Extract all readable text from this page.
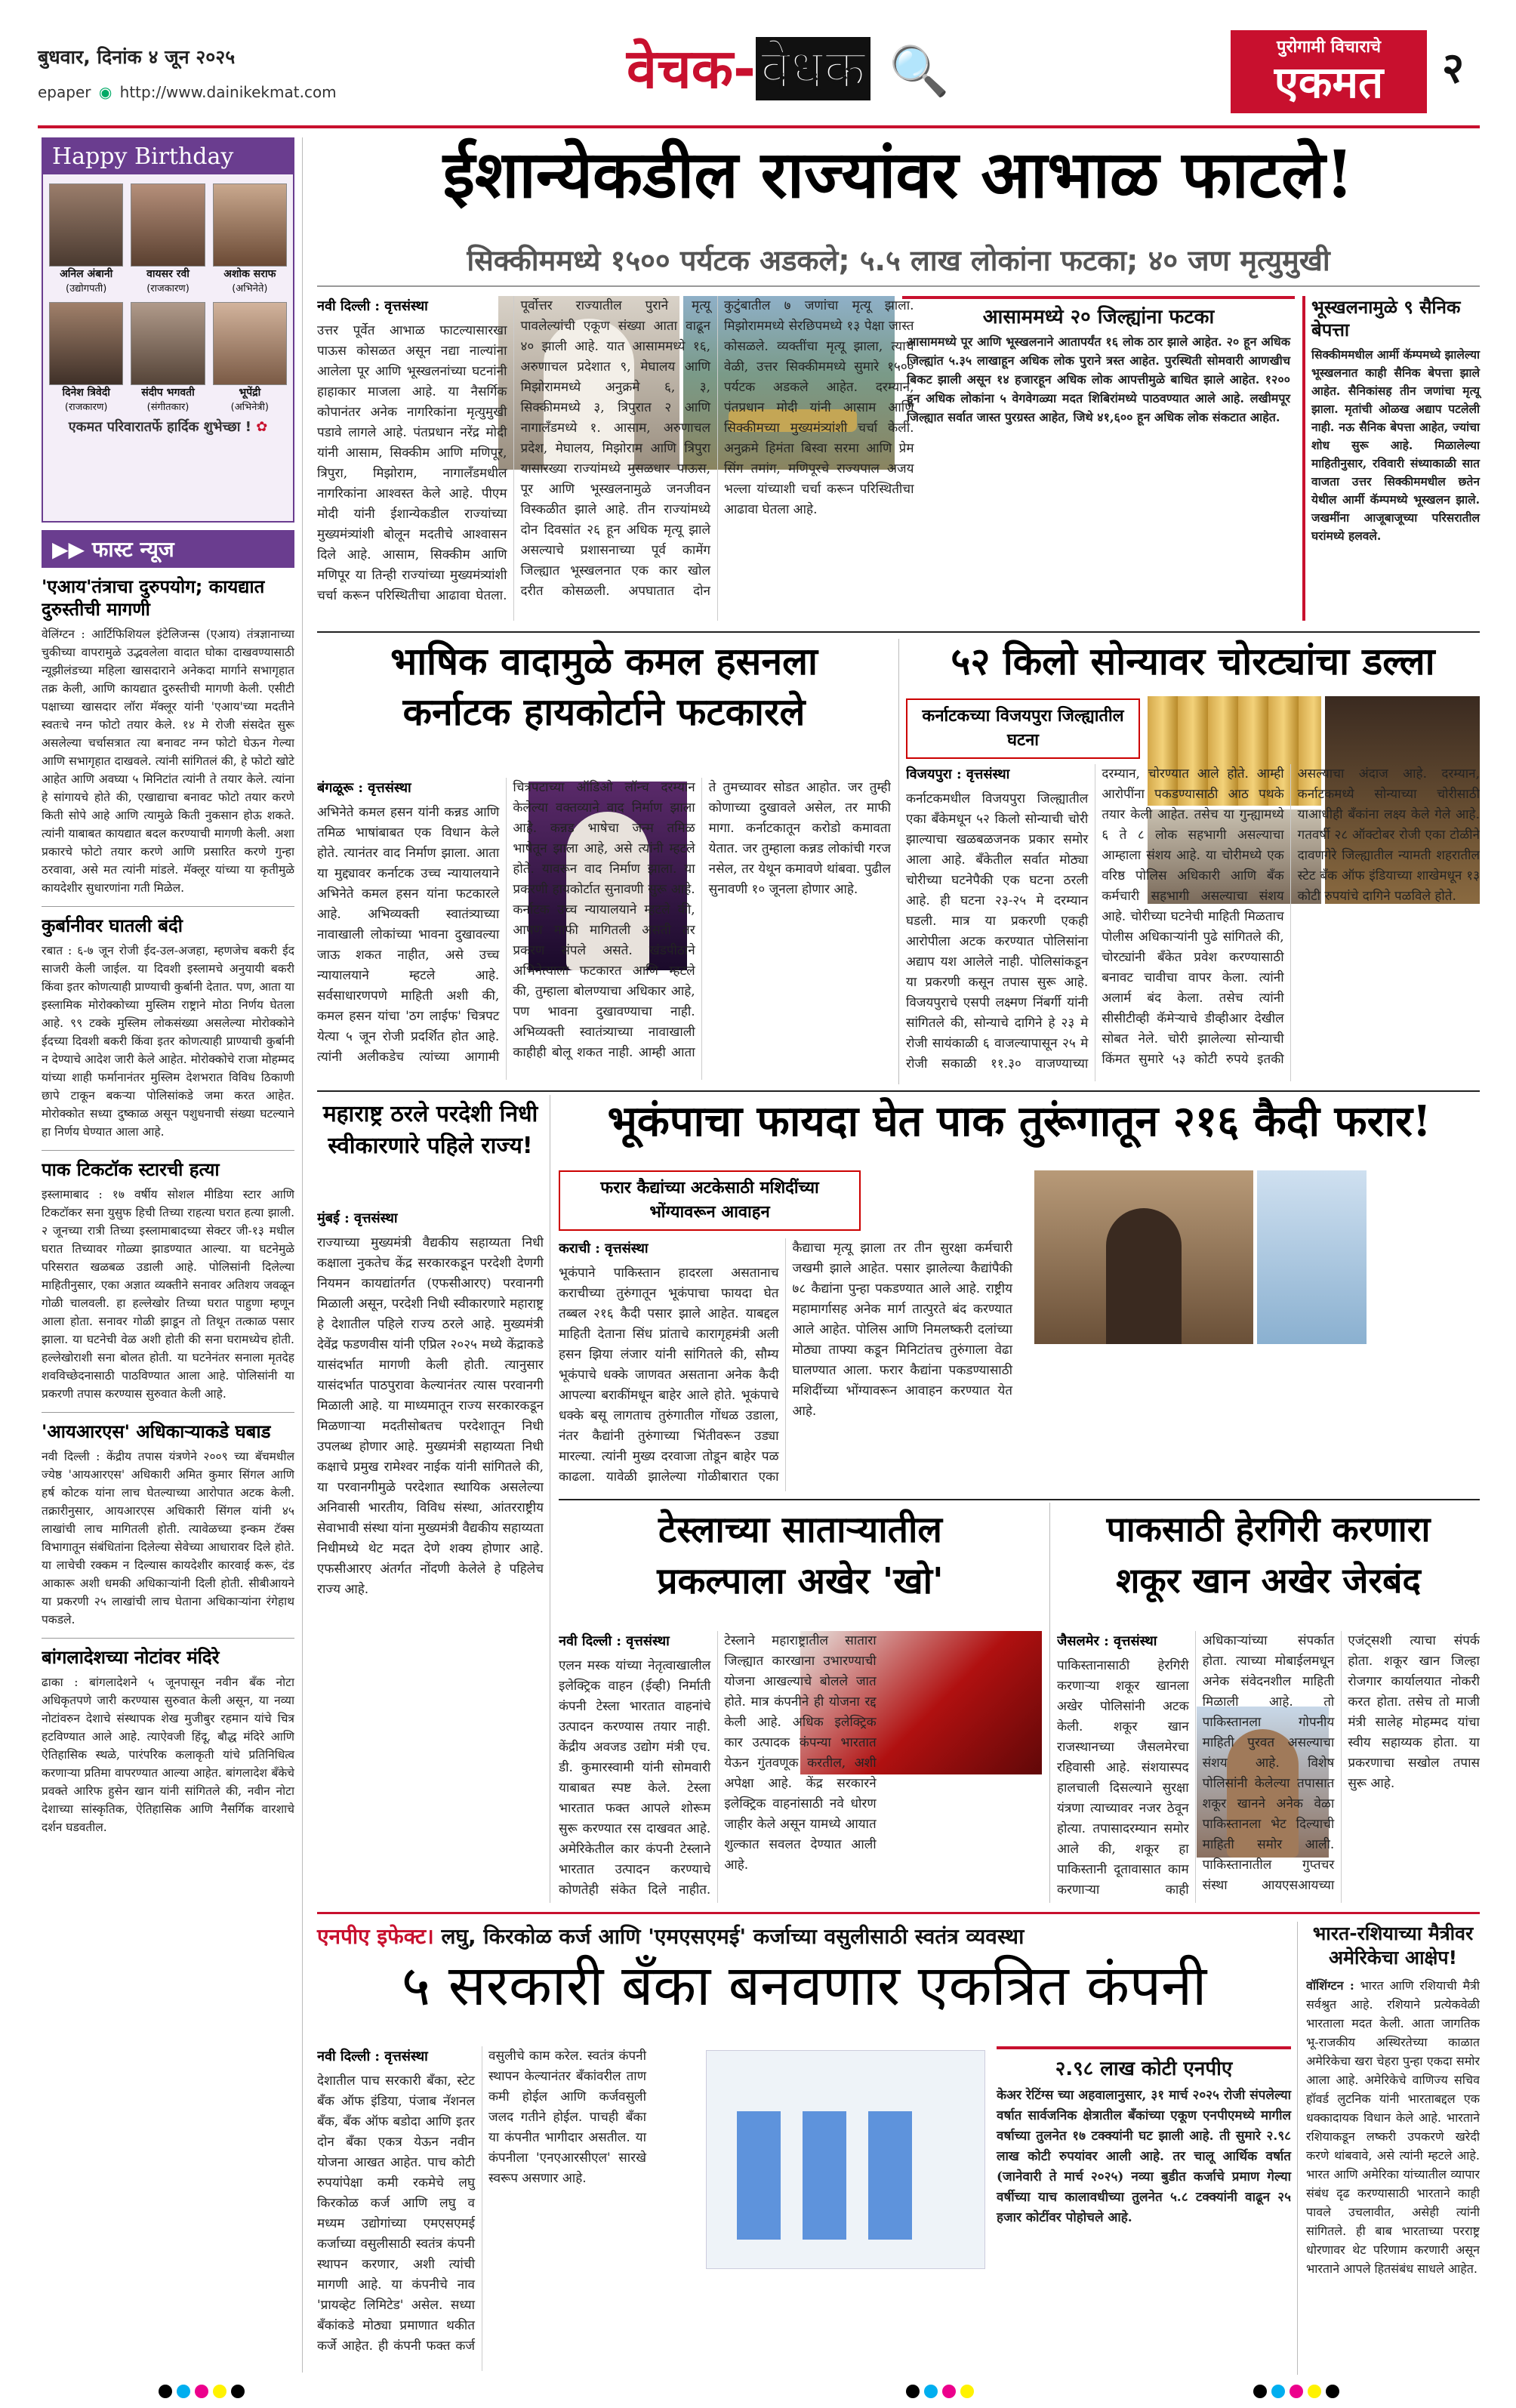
बुधवार, दिनांक ४ जून २०२५
epaper ◉ http://www.dainikekmat.com	वेचक-वेधक 🔍	पुरोगामी विचाराचे
एकमत	२
Happy Birthday
अनिल अंबानी
(उद्योगपती)
वायसर रवी
(राजकारण)
अशोक सराफ
(अभिनेते)
दिनेश त्रिवेदी
(राजकारण)
संदीप भगवती
(संगीतकार)
भूपेंद्री
(अभिनेत्री)
एकमत परिवारातर्फे हार्दिक शुभेच्छा ! ✿
▶▶ फास्ट न्यूज
'एआय'तंत्राचा दुरुपयोग; कायद्यात दुरुस्तीची मागणी

वेलिंग्टन : आर्टिफिशियल इंटेलिजन्स (एआय) तंत्रज्ञानाच्या चुकीच्या वापरामुळे उद्भवलेला वादात घोका दाखवण्यासाठी न्यूझीलंडच्या महिला खासदाराने अनेकदा मार्गाने सभागृहात तक्र केली, आणि कायद्यात दुरुस्तीची मागणी केली. एसीटी पक्षाच्या खासदार लॉरा मॅक्लूर यांनी 'एआय'च्या मदतीने स्वतःचे नग्न फोटो तयार केले. १४ मे रोजी संसदेत सुरू असलेल्या चर्चासत्रात त्या बनावट नग्न फोटो घेऊन गेल्या आणि सभागृहात दाखवले. त्यांनी सांगितलं की, हे फोटो खोटे आहेत आणि अवघ्या ५ मिनिटांत त्यांनी ते तयार केले. त्यांना हे सांगायचे होते की, एखाद्याचा बनावट फोटो तयार करणे किती सोपे आहे आणि त्यामुळे किती नुकसान होऊ शकते. त्यांनी याबाबत कायद्यात बदल करण्याची मागणी केली. अशा प्रकारचे फोटो तयार करणे आणि प्रसारित करणे गुन्हा ठरवावा, असे मत त्यांनी मांडले. मॅक्लूर यांच्या या कृतीमुळे कायदेशीर सुधारणांना गती मिळेल.

कुर्बानीवर घातली बंदी

रबात : ६-७ जून रोजी ईद-उल-अजहा, म्हणजेच बकरी ईद साजरी केली जाईल. या दिवशी इस्लामचे अनुयायी बकरी किंवा इतर कोणत्याही प्राण्याची कुर्बानी देतात. पण, आता या इस्लामिक मोरोक्कोच्या मुस्लिम राष्ट्राने मोठा निर्णय घेतला आहे. ९९ टक्के मुस्लिम लोकसंख्या असलेल्या मोरोक्कोने ईदच्या दिवशी बकरी किंवा इतर कोणत्याही प्राण्याची कुर्बानी न देण्याचे आदेश जारी केले आहेत. मोरोक्कोचे राजा मोहम्मद यांच्या शाही फर्मानानंतर मुस्लिम देशभरात विविध ठिकाणी छापे टाकून बकऱ्या पोलिसांकडे जमा करत आहेत. मोरोक्कोत सध्या दुष्काळ असून पशुधनाची संख्या घटल्याने हा निर्णय घेण्यात आला आहे.

पाक टिकटॉक स्टारची हत्या

इस्लामाबाद : १७ वर्षीय सोशल मीडिया स्टार आणि टिकटॉकर सना युसुफ हिची तिच्या राहत्या घरात हत्या झाली. २ जूनच्या रात्री तिच्या इस्लामाबादच्या सेक्टर जी-१३ मधील घरात तिच्यावर गोळ्या झाडण्यात आल्या. या घटनेमुळे परिसरात खळबळ उडाली आहे. पोलिसांनी दिलेल्या माहितीनुसार, एका अज्ञात व्यक्तीने सनावर अतिशय जवळून गोळी चालवली. हा हल्लेखोर तिच्या घरात पाहुणा म्हणून आला होता. सनावर गोळी झाडून तो तिथून तत्काळ पसार झाला. या घटनेची वेळ अशी होती की सना घरामध्येच होती. हल्लेखोराशी सना बोलत होती. या घटनेनंतर सनाला मृतदेह शवविच्छेदनासाठी पाठविण्यात आला आहे. पोलिसांनी या प्रकरणी तपास करण्यास सुरुवात केली आहे.

'आयआरएस' अधिकाऱ्याकडे घबाड

नवी दिल्ली : केंद्रीय तपास यंत्रणेने २००९ च्या बॅचमधील ज्येष्ठ 'आयआरएस' अधिकारी अमित कुमार सिंगल आणि हर्ष कोटक यांना लाच घेतल्याच्या आरोपात अटक केली. तक्रारीनुसार, आयआरएस अधिकारी सिंगल यांनी ४५ लाखांची लाच मागितली होती. त्यावेळच्या इन्कम टॅक्स विभागातून संबंधितांना दिलेल्या सेवेच्या आधारावर दिले होते. या लाचेची रक्कम न दिल्यास कायदेशीर कारवाई करू, दंड आकारू अशी धमकी अधिकाऱ्यांनी दिली होती. सीबीआयने या प्रकरणी २५ लाखांची लाच घेताना अधिकाऱ्यांना रंगेहाथ पकडले.

बांगलादेशच्या नोटांवर मंदिरे

ढाका : बांगलादेशने ५ जूनपासून नवीन बँक नोटा अधिकृतपणे जारी करण्यास सुरुवात केली असून, या नव्या नोटांवरुन देशाचे संस्थापक शेख मुजीबुर रहमान यांचे चित्र हटविण्यात आले आहे. त्याऐवजी हिंदू, बौद्ध मंदिरे आणि ऐतिहासिक स्थळे, पारंपरिक कलाकृती यांचे प्रतिनिधित्व करणाऱ्या प्रतिमा वापरण्यात आल्या आहेत. बांगलादेश बँकेचे प्रवक्ते आरिफ हुसेन खान यांनी सांगितले की, नवीन नोटा देशाच्या सांस्कृतिक, ऐतिहासिक आणि नैसर्गिक वारशाचे दर्शन घडवतील.

ईशान्येकडील राज्यांवर आभाळ फाटले!
सिक्कीममध्ये १५०० पर्यटक अडकले; ५.५ लाख लोकांना फटका; ४० जण मृत्युमुखी
नवी दिल्ली : वृत्तसंस्था
उत्तर पूर्वेत आभाळ फाटल्यासारखा पाऊस कोसळत असून नद्या नाल्यांना आलेला पूर आणि भूस्खलनांच्या घटनांनी हाहाकार माजला आहे. या नैसर्गिक कोपानंतर अनेक नागरिकांना मृत्युमुखी पडावे लागले आहे. पंतप्रधान नरेंद्र मोदी यांनी आसाम, सिक्कीम आणि मणिपूर, त्रिपुरा, मिझोराम, नागालँडमधील नागरिकांना आश्वस्त केले आहे. पीएम मोदी यांनी ईशान्येकडील राज्यांच्या मुख्यमंत्र्यांशी बोलून मदतीचे आश्वासन दिले आहे. आसाम, सिक्कीम आणि मणिपूर या तिन्ही राज्यांच्या मुख्यमंत्र्यांशी चर्चा करून परिस्थितीचा आढावा घेतला. पूर्वोत्तर राज्यातील पुराने मृत्यू पावलेल्यांची एकूण संख्या आता वाढून ४० झाली आहे. यात आसाममध्ये १६, अरुणाचल प्रदेशात ९, मेघालय आणि मिझोराममध्ये अनुक्रमे ६, ३, सिक्कीममध्ये ३, त्रिपुरात २ आणि नागालँडमध्ये १. आसाम, अरुणाचल प्रदेश, मेघालय, मिझोराम आणि त्रिपुरा यासारख्या राज्यांमध्ये मुसळधार पाऊस, पूर आणि भूस्खलनामुळे जनजीवन विस्कळीत झाले आहे. तीन राज्यांमध्ये दोन दिवसांत २६ हून अधिक मृत्यू झाले असल्याचे प्रशासनाच्या पूर्व कामेंग जिल्ह्यात भूस्खलनात एक कार खोल दरीत कोसळली. अपघातात दोन कुटुंबातील ७ जणांचा मृत्यू झाला. मिझोराममध्ये सेरछिपमध्ये १३ पेक्षा जास्त कोसळले. व्यक्तींचा मृत्यू झाला, त्याच वेळी, उत्तर सिक्कीममध्ये सुमारे १५०० पर्यटक अडकले आहेत. दरम्यान, पंतप्रधान मोदी यांनी आसाम आणि सिक्कीमच्या मुख्यमंत्र्यांशी चर्चा केली. अनुक्रमे हिमंता बिस्वा सरमा आणि प्रेम सिंग तमांग, मणिपूरचे राज्यपाल अजय भल्ला यांच्याशी चर्चा करून परिस्थितीचा आढावा घेतला आहे.
आसाममध्ये २० जिल्ह्यांना फटका
आसाममध्ये पूर आणि भूस्खलनाने आतापर्यंत १६ लोक ठार झाले आहेत. २० हून अधिक जिल्ह्यांत ५.३५ लाखाहून अधिक लोक पुराने त्रस्त आहेत. पुरस्थिती सोमवारी आणखीच बिकट झाली असून १४ हजारहून अधिक लोक आपत्तीमुळे बाधित झाले आहेत. १२०० हून अधिक लोकांना ५ वेगवेगळ्या मदत शिबिरांमध्ये पाठवण्यात आले आहे. लखीमपूर जिल्ह्यात सर्वात जास्त पुरग्रस्त आहेत, जिथे ४१,६०० हून अधिक लोक संकटात आहेत.
भूस्खलनामुळे ९ सैनिक बेपत्ता
सिक्कीममधील आर्मी कॅम्पमध्ये झालेल्या भूस्खलनात काही सैनिक बेपत्ता झाले आहेत. सैनिकांसह तीन जणांचा मृत्यू झाला. मृतांची ओळख अद्याप पटलेली नाही. नऊ सैनिक बेपत्ता आहेत, ज्यांचा शोध सुरू आहे. मिळालेल्या माहितीनुसार, रविवारी संध्याकाळी सात वाजता उत्तर सिक्कीममधील छतेन येथील आर्मी कॅम्पमध्ये भूस्खलन झाले. जखमींना आजूबाजूच्या परिसरातील घरांमध्ये हलवले.
भाषिक वादामुळे कमल हसनला
कर्नाटक हायकोर्टाने फटकारले
बंगळूरू : वृत्तसंस्था
अभिनेते कमल हसन यांनी कन्नड आणि तमिळ भाषांबाबत एक विधान केले होते. त्यानंतर वाद निर्माण झाला. आता या मुद्द्यावर कर्नाटक उच्च न्यायालयाने अभिनेते कमल हसन यांना फटकारले आहे. अभिव्यक्ती स्वातंत्र्याच्या नावाखाली लोकांच्या भावना दुखावल्या जाऊ शकत नाहीत, असे उच्च न्यायालयाने म्हटले आहे. सर्वसाधारणपणे माहिती अशी की, कमल हसन यांचा 'ठग लाईफ' चित्रपट येत्या ५ जून रोजी प्रदर्शित होत आहे. त्यांनी अलीकडेच त्यांच्या आगामी चित्रपटाच्या ऑडिओ लॉन्च दरम्यान केलेल्या वक्तव्याने वाद निर्माण झाला आहे. कन्नड भाषेचा जन्म तमिळ भाषेतून झाला आहे, असे त्यांनी म्हटले होते. यावरून वाद निर्माण झाला. या प्रकरणी हायकोर्टात सुनावणी सुरू आहे. कर्नाटक उच्च न्यायालयाने म्हटले की, आपण माफी मागितली असती तर प्रकरण संपले असते. खंडपीठाने अभिनेत्याला फटकारत आणि म्हटले की, तुम्हाला बोलण्याचा अधिकार आहे, पण भावना दुखावण्याचा नाही. अभिव्यक्ती स्वातंत्र्याच्या नावाखाली काहीही बोलू शकत नाही. आम्ही आता ते तुमच्यावर सोडत आहोत. जर तुम्ही कोणाच्या दुखावले असेल, तर माफी मागा. कर्नाटकातून करोडो कमावता येतात. जर तुम्हाला कन्नड लोकांची गरज नसेल, तर येथून कमावणे थांबवा. पुढील सुनावणी १० जूनला होणार आहे.
५२ किलो सोन्यावर चोरट्यांचा डल्ला
कर्नाटकच्या विजयपुरा जिल्ह्यातील घटना
विजयपुरा : वृत्तसंस्था
कर्नाटकमधील विजयपुरा जिल्ह्यातील एका बँकेमधून ५२ किलो सोन्याची चोरी झाल्याचा खळबळजनक प्रकार समोर आला आहे. बँकेतील सर्वात मोठ्या चोरीच्या घटनेपैकी एक घटना ठरली आहे. ही घटना २३-२५ मे दरम्यान घडली. मात्र या प्रकरणी एकही आरोपीला अटक करण्यात पोलिसांना अद्याप यश आलेले नाही. पोलिसांकडून या प्रकरणी कसून तपास सुरू आहे. विजयपुराचे एसपी लक्ष्मण निंबर्गी यांनी सांगितले की, सोन्याचे दागिने हे २३ मे रोजी सायंकाळी ६ वाजल्यापासून २५ मे रोजी सकाळी ११.३० वाजण्याच्या दरम्यान, चोरण्यात आले होते. आम्ही आरोपींना पकडण्यासाठी आठ पथके तयार केली आहेत. तसेच या गुन्ह्यामध्ये ६ ते ८ लोक सहभागी असल्याचा आम्हाला संशय आहे. या चोरीमध्ये एक वरिष्ठ पोलिस अधिकारी आणि बँक कर्मचारी सहभागी असल्याचा संशय आहे. चोरीच्या घटनेची माहिती मिळताच पोलीस अधिकाऱ्यांनी पुढे सांगितले की, चोरट्यांनी बँकेत प्रवेश करण्यासाठी बनावट चावीचा वापर केला. त्यांनी अलार्म बंद केला. तसेच त्यांनी सीसीटीव्ही कॅमेऱ्याचे डीव्हीआर देखील सोबत नेले. चोरी झालेल्या सोन्याची किंमत सुमारे ५३ कोटी रुपये इतकी असल्याचा अंदाज आहे. दरम्यान, कर्नाटकमध्ये सोन्याच्या चोरीसाठी याआधीही बँकांना लक्ष्य केले गेले आहे. गतवर्षी २८ ऑक्टोबर रोजी एका टोळीने दावणगेरे जिल्ह्यातील न्यामती शहरातील स्टेट बँक ऑफ इंडियाच्या शाखेमधून १३ कोटी रुपयांचे दागिने पळविले होते.
महाराष्ट्र ठरले परदेशी निधी स्वीकारणारे पहिले राज्य!
मुंबई : वृत्तसंस्था
राज्याच्या मुख्यमंत्री वैद्यकीय सहाय्यता निधी कक्षाला नुकतेच केंद्र सरकारकडून परदेशी देणगी नियमन कायद्यांतर्गत (एफसीआरए) परवानगी मिळाली असून, परदेशी निधी स्वीकारणारे महाराष्ट्र हे देशातील पहिले राज्य ठरले आहे. मुख्यमंत्री देवेंद्र फडणवीस यांनी एप्रिल २०२५ मध्ये केंद्राकडे यासंदर्भात मागणी केली होती. त्यानुसार यासंदर्भात पाठपुरावा केल्यानंतर त्यास परवानगी मिळाली आहे. या माध्यमातून राज्य सरकारकडून मिळणाऱ्या मदतीसोबतच परदेशातून निधी उपलब्ध होणार आहे. मुख्यमंत्री सहाय्यता निधी कक्षाचे प्रमुख रामेश्वर नाईक यांनी सांगितले की, या परवानगीमुळे परदेशात स्थायिक असलेल्या अनिवासी भारतीय, विविध संस्था, आंतरराष्ट्रीय सेवाभावी संस्था यांना मुख्यमंत्री वैद्यकीय सहाय्यता निधीमध्ये थेट मदत देणे शक्य होणार आहे. एफसीआरए अंतर्गत नोंदणी केलेले हे पहिलेच राज्य आहे.
भूकंपाचा फायदा घेत पाक तुरूंगातून २१६ कैदी फरार!
फरार कैद्यांच्या अटकेसाठी मशिदींच्या भोंग्यावरून आवाहन
कराची : वृत्तसंस्था
भूकंपाने पाकिस्तान हादरला असतानाच कराचीच्या तुरुंगातून भूकंपाचा फायदा घेत तब्बल २१६ कैदी पसार झाले आहेत. याबद्दल माहिती देताना सिंध प्रांताचे कारागृहमंत्री अली हसन झिया लंजार यांनी सांगितले की, सौम्य भूकंपाचे धक्के जाणवत असताना अनेक कैदी आपल्या बराकींमधून बाहेर आले होते. भूकंपाचे धक्के बसू लागताच तुरुंगातील गोंधळ उडाला, नंतर कैद्यांनी तुरुंगाच्या भिंतीवरून उड्या मारल्या. त्यांनी मुख्य दरवाजा तोडून बाहेर पळ काढला. यावेळी झालेल्या गोळीबारात एका कैद्याचा मृत्यू झाला तर तीन सुरक्षा कर्मचारी जखमी झाले आहेत. पसार झालेल्या कैद्यांपैकी ७८ कैद्यांना पुन्हा पकडण्यात आले आहे. राष्ट्रीय महामार्गासह अनेक मार्ग तात्पुरते बंद करण्यात आले आहेत. पोलिस आणि निमलष्करी दलांच्या मोठ्या ताफ्या कडून मिनिटांतच तुरुंगाला वेढा घालण्यात आला. फरार कैद्यांना पकडण्यासाठी मशिदींच्या भोंग्यावरून आवाहन करण्यात येत आहे.
टेस्लाच्या साताऱ्यातील
प्रकल्पाला अखेर 'खो'
नवी दिल्ली : वृत्तसंस्था
एलन मस्क यांच्या नेतृत्वाखालील इलेक्ट्रिक वाहन (ईव्ही) निर्माती कंपनी टेस्ला भारतात वाहनांचे उत्पादन करण्यास तयार नाही. केंद्रीय अवजड उद्योग मंत्री एच. डी. कुमारस्वामी यांनी सोमवारी याबाबत स्पष्ट केले. टेस्ला भारतात फक्त आपले शोरूम सुरू करण्यात रस दाखवत आहे. अमेरिकेतील कार कंपनी टेस्लाने भारतात उत्पादन करण्याचे कोणतेही संकेत दिले नाहीत. टेस्लाने महाराष्ट्रातील सातारा जिल्ह्यात कारखाना उभारण्याची योजना आखल्याचे बोलले जात होते. मात्र कंपनीने ही योजना रद्द केली आहे. अधिक इलेक्ट्रिक कार उत्पादक कंपन्या भारतात येऊन गुंतवणूक करतील, अशी अपेक्षा आहे. केंद्र सरकारने इलेक्ट्रिक वाहनांसाठी नवे धोरण जाहीर केले असून यामध्ये आयात शुल्कात सवलत देण्यात आली आहे.
पाकसाठी हेरगिरी करणारा
शकूर खान अखेर जेरबंद
जैसलमेर : वृत्तसंस्था
पाकिस्तानासाठी हेरगिरी करणाऱ्या शकूर खानला अखेर पोलिसांनी अटक केली. शकूर खान राजस्थानच्या जैसलमेरचा रहिवासी आहे. संशयास्पद हालचाली दिसल्याने सुरक्षा यंत्रणा त्याच्यावर नजर ठेवून होत्या. तपासादरम्यान समोर आले की, शकूर हा पाकिस्तानी दूतावासात काम करणाऱ्या काही अधिकाऱ्यांच्या संपर्कात होता. त्याच्या मोबाईलमधून अनेक संवेदनशील माहिती मिळाली आहे. तो पाकिस्तानला गोपनीय माहिती पुरवत असल्याचा संशय आहे. विशेष पोलिसांनी केलेल्या तपासात शकूर खानने अनेक वेळा पाकिस्तानला भेट दिल्याची माहिती समोर आली. पाकिस्तानातील गुप्तचर संस्था आयएसआयच्या एजंट्सशी त्याचा संपर्क होता. शकूर खान जिल्हा रोजगार कार्यालयात नोकरी करत होता. तसेच तो माजी मंत्री सालेह मोहम्मद यांचा स्वीय सहाय्यक होता. या प्रकरणाचा सखोल तपास सुरू आहे.
एनपीए इफेक्ट। लघु, किरकोळ कर्ज आणि 'एमएसएमई' कर्जाच्या वसुलीसाठी स्वतंत्र व्यवस्था
५ सरकारी बँका बनवणार एकत्रित कंपनी
नवी दिल्ली : वृत्तसंस्था
देशातील पाच सरकारी बँका, स्टेट बँक ऑफ इंडिया, पंजाब नॅशनल बँक, बँक ऑफ बडोदा आणि इतर दोन बँका एकत्र येऊन नवीन योजना आखत आहेत. पाच कोटी रुपयांपेक्षा कमी रकमेचे लघु किरकोळ कर्ज आणि लघु व मध्यम उद्योगांच्या एमएसएमई कर्जाच्या वसुलीसाठी स्वतंत्र कंपनी स्थापन करणार, अशी त्यांची मागणी आहे. या कंपनीचे नाव 'प्रायव्हेट लिमिटेड' असेल. सध्या बँकांकडे मोठ्या प्रमाणात थकीत कर्जे आहेत. ही कंपनी फक्त कर्ज वसुलीचे काम करेल. स्वतंत्र कंपनी स्थापन केल्यानंतर बँकांवरील ताण कमी होईल आणि कर्जवसुली जलद गतीने होईल. पाचही बँका या कंपनीत भागीदार असतील. या कंपनीला 'एनएआरसीएल' सारखे स्वरूप असणार आहे.
२.९८ लाख कोटी एनपीए
केअर रेटिंग्स च्या अहवालानुसार, ३१ मार्च २०२५ रोजी संपलेल्या वर्षात सार्वजनिक क्षेत्रातील बँकांच्या एकूण एनपीएमध्ये मागील वर्षाच्या तुलनेत १७ टक्क्यांनी घट झाली आहे. ती सुमारे २.९८ लाख कोटी रुपयांवर आली आहे. तर चालू आर्थिक वर्षात (जानेवारी ते मार्च २०२५) नव्या बुडीत कर्जाचे प्रमाण गेल्या वर्षीच्या याच कालावधीच्या तुलनेत ५.८ टक्क्यांनी वाढून २५ हजार कोटींवर पोहोचले आहे.
भारत-रशियाच्या मैत्रीवर अमेरिकेचा आक्षेप!
वॉशिंग्टन : भारत आणि रशियाची मैत्री सर्वश्रुत आहे. रशियाने प्रत्येकवेळी भारताला मदत केली. आता जागतिक भू-राजकीय अस्थिरतेच्या काळात अमेरिकेचा खरा चेहरा पुन्हा एकदा समोर आला आहे. अमेरिकेचे वाणिज्य सचिव हॉवर्ड लुटनिक यांनी भारताबद्दल एक धक्कादायक विधान केले आहे. भारताने रशियाकडून लष्करी उपकरणे खरेदी करणे थांबवावे, असे त्यांनी म्हटले आहे. भारत आणि अमेरिका यांच्यातील व्यापार संबंध दृढ करण्यासाठी भारताने काही पावले उचलावीत, असेही त्यांनी सांगितले. ही बाब भारताच्या परराष्ट्र धोरणावर थेट परिणाम करणारी असून भारताने आपले हितसंबंध साधले आहेत.
